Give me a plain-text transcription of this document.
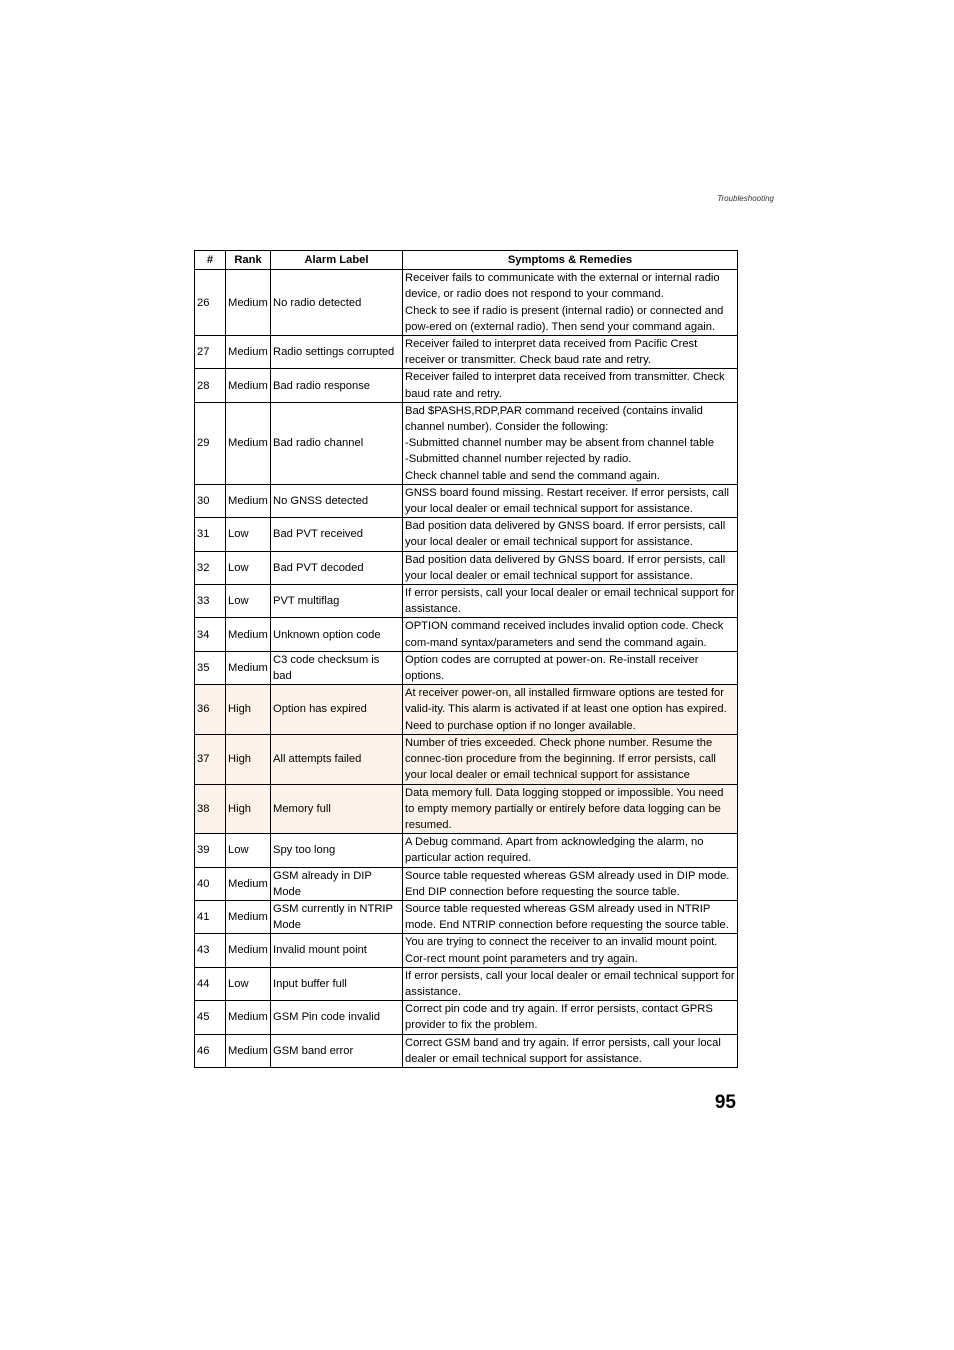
Troubleshooting
#	Rank	Alarm Label	Symptoms & Remedies
26	Medium	No radio detected	Receiver fails to communicate with the external or internal radio device, or radio does not respond to your command.
Check to see if radio is present (internal radio) or connected and pow-ered on (external radio). Then send your command again.

27	Medium	Radio settings corrupted	Receiver failed to interpret data received from Pacific Crest receiver or transmitter. Check baud rate and retry.

28	Medium	Bad radio response	Receiver failed to interpret data received from transmitter. Check baud rate and retry.

29	Medium	Bad radio channel	Bad $PASHS,RDP,PAR command received (contains invalid channel number). Consider the following:
-Submitted channel number may be absent from channel table
-Submitted channel number rejected by radio.
Check channel table and send the command again.

30	Medium	No GNSS detected	GNSS board found missing. Restart receiver. If error persists, call your local dealer or email technical support for assistance.

31	Low	Bad PVT received	Bad position data delivered by GNSS board. If error persists, call your local dealer or email technical support for assistance.

32	Low	Bad PVT decoded	Bad position data delivered by GNSS board. If error persists, call your local dealer or email technical support for assistance.

33	Low	PVT multiflag	If error persists, call your local dealer or email technical support for assistance.

34	Medium	Unknown option code	OPTION command received includes invalid option code. Check com-mand syntax/parameters and send the command again.

35	Medium	C3 code checksum is bad	Option codes are corrupted at power-on. Re-install receiver options.

36	High	Option has expired	At receiver power-on, all installed firmware options are tested for valid-ity. This alarm is activated if at least one option has expired. Need to purchase option if no longer available.

37	High	All attempts failed	Number of tries exceeded. Check phone number. Resume the connec-tion procedure from the beginning. If error persists, call your local dealer or email technical support for assistance

38	High	Memory full	Data memory full. Data logging stopped or impossible. You need to empty memory partially or entirely before data logging can be resumed.

39	Low	Spy too long	A Debug command. Apart from acknowledging the alarm, no particular action required.

40	Medium	GSM already in DIP Mode	Source table requested whereas GSM already used in DIP mode. End DIP connection before requesting the source table.

41	Medium	GSM currently in NTRIP Mode	Source table requested whereas GSM already used in NTRIP mode. End NTRIP connection before requesting the source table.

43	Medium	Invalid mount point	You are trying to connect the receiver to an invalid mount point. Cor-rect mount point parameters and try again.

44	Low	Input buffer full	If error persists, call your local dealer or email technical support for assistance.

45	Medium	GSM Pin code invalid	Correct pin code and try again. If error persists, contact GPRS provider to fix the problem.

46	Medium	GSM band error	Correct GSM band and try again. If error persists, call your local dealer or email technical support for assistance.
95
